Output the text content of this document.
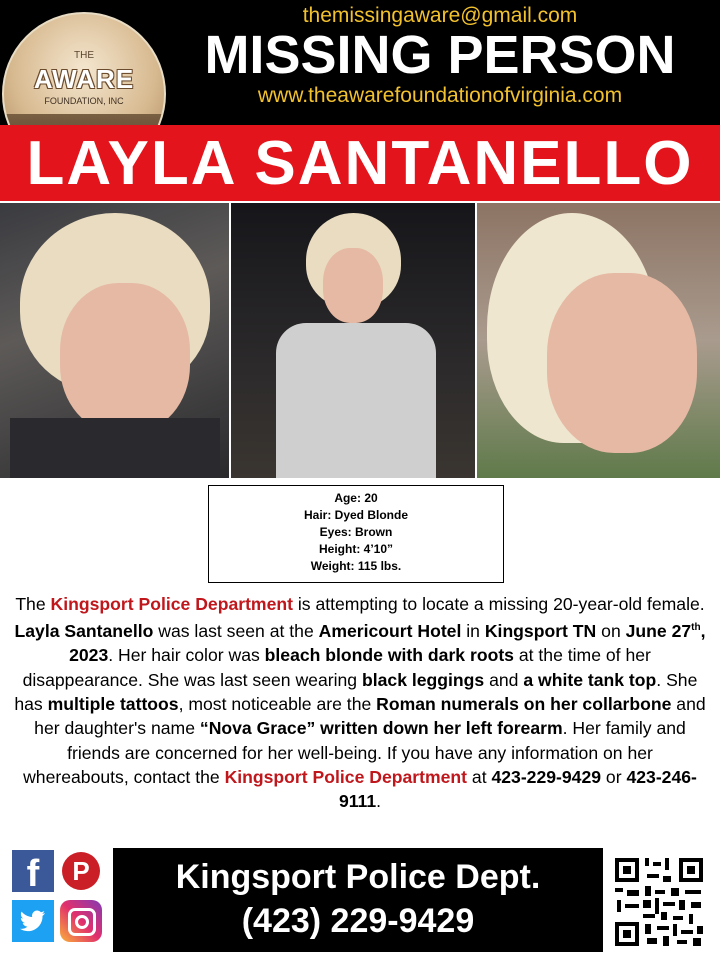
THE
AWARE
FOUNDATION, INC
themissingaware@gmail.com
MISSING PERSON
www.theawarefoundationofvirginia.com
LAYLA SANTANELLO
Age: 20
Hair: Dyed Blonde
Eyes: Brown
Height: 4’10”
Weight: 115 lbs.
The Kingsport Police Department is attempting to locate a missing 20-year-old female. Layla Santanello was last seen at the Americourt Hotel in Kingsport TN on June 27th, 2023. Her hair color was bleach blonde with dark roots at the time of her disappearance. She was last seen wearing black leggings and a white tank top. She has multiple tattoos, most noticeable are the Roman numerals on her collarbone and her daughter's name “Nova Grace” written down her left forearm. Her family and friends are concerned for her well-being. If you have any information on her whereabouts, contact the Kingsport Police Department at 423-229-9429 or 423-246-9111.
f	P	Kingsport Police Dept.
(423) 229-9429
